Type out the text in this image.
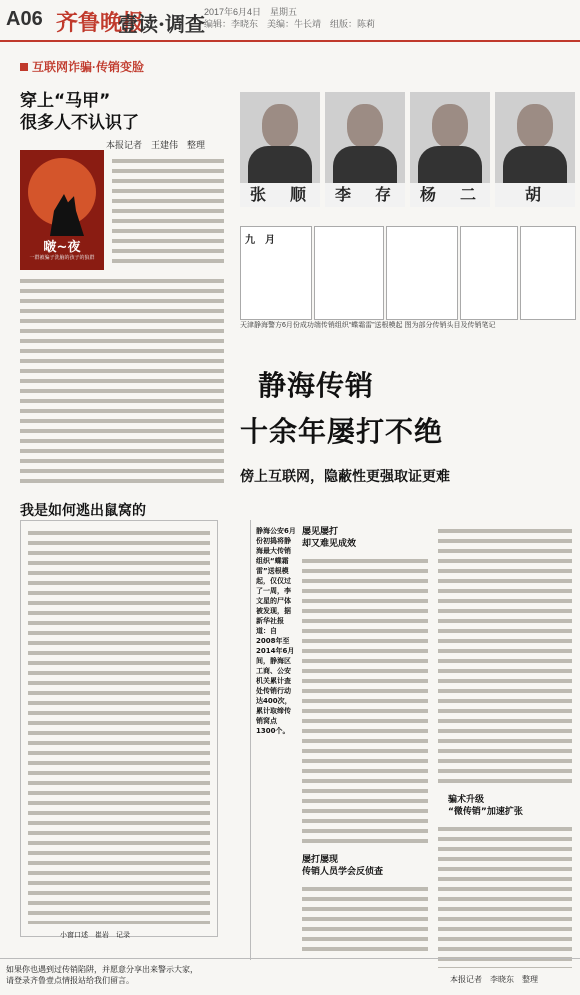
A06 齐鲁晚报
壹读·调查 2017年6月4日　星期五
编辑：李晓东　美编：牛长靖　组版：陈莉
互联网诈骗·传销变脸
穿上“马甲”
很多人不认识了
本报记者　王建伟　整理
啵~夜
一群被骗子洗脑的孩子的狼群
张　顺	李　存	杨　二	胡　
九　月
天津静海警方6月份成功端传销组织“蝶霜雷”送根模起 图为部分传销头目及传销笔记
静海传销
十余年屡打不绝
傍上互联网，隐蔽性更强取证更难
我是如何逃出鼠窝的
小窗口述　崔岩　记录
静海公安6月份初捣将静海最大传销组织“蝶霜雷”送根模起，仅仅过了一周，李文星的尸体被发现，据新华社报道：自2008年至2014年6月间，静海区工商、公安机关累计查处传销行动达400次，累计取缔传销窝点1300个。
屡见屡打
却又难见成效
屡打屡现
传销人员学会反侦查
骗术升级
“微传销”加速扩张
本报记者　李晓东　整理
如果你也遇到过传销陷阱，并愿意分享出来警示大家，
请登录齐鲁壹点情报站给我们留言。
